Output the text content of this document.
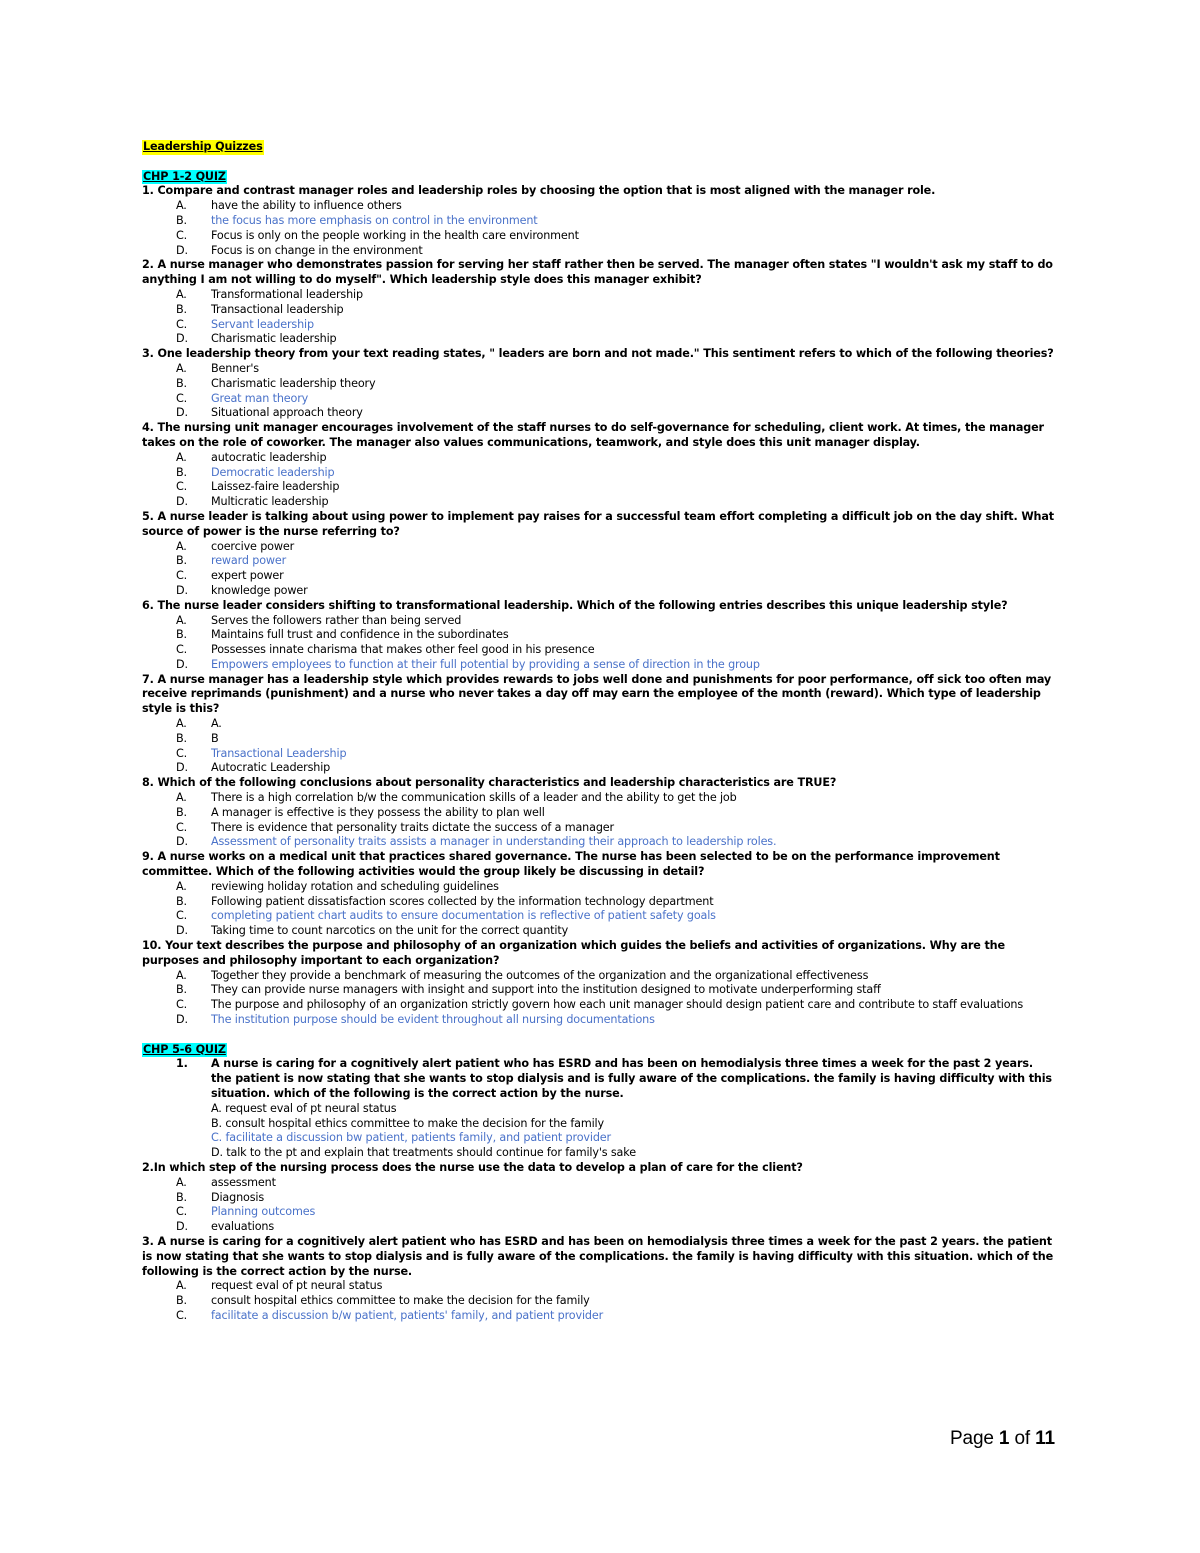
Leadership Quizzes
CHP 1-2 QUIZ
1. Compare and contrast manager roles and leadership roles by choosing the option that is most aligned with the manager role.
A. have the ability to influence others
B. the focus has more emphasis on control in the environment
C. Focus is only on the people working in the health care environment
D. Focus is on change in the environment
2. A nurse manager who demonstrates passion for serving her staff rather then be served. The manager often states "I wouldn't ask my staff to do anything I am not willing to do myself". Which leadership style does this manager exhibit?
A. Transformational leadership
B. Transactional leadership
C. Servant leadership
D. Charismatic leadership
3. One leadership theory from your text reading states, " leaders are born and not made." This sentiment refers to which of the following theories?
A. Benner's
B. Charismatic leadership theory
C. Great man theory
D. Situational approach theory
4. The nursing unit manager encourages involvement of the staff nurses to do self-governance for scheduling, client work. At times, the manager takes on the role of coworker. The manager also values communications, teamwork, and style does this unit manager display.
A. autocratic leadership
B. Democratic leadership
C. Laissez-faire leadership
D. Multicratic leadership
5. A nurse leader is talking about using power to implement pay raises for a successful team effort completing a difficult job on the day shift. What source of power is the nurse referring to?
A. coercive power
B. reward power
C. expert power
D. knowledge power
6. The nurse leader considers shifting to transformational leadership. Which of the following entries describes this unique leadership style?
A. Serves the followers rather than being served
B. Maintains full trust and confidence in the subordinates
C. Possesses innate charisma that makes other feel good in his presence
D. Empowers employees to function at their full potential by providing a sense of direction in the group
7. A nurse manager has a leadership style which provides rewards to jobs well done and punishments for poor performance, off sick too often may receive reprimands (punishment) and a nurse who never takes a day off may earn the employee of the month (reward). Which type of leadership style is this?
A. A.
B. B
C. Transactional Leadership
D. Autocratic Leadership
8. Which of the following conclusions about personality characteristics and leadership characteristics are TRUE?
A. There is a high correlation b/w the communication skills of a leader and the ability to get the job
B. A manager is effective is they possess the ability to plan well
C. There is evidence that personality traits dictate the success of a manager
D. Assessment of personality traits assists a manager in understanding their approach to leadership roles.
9. A nurse works on a medical unit that practices shared governance. The nurse has been selected to be on the performance improvement committee. Which of the following activities would the group likely be discussing in detail?
A. reviewing holiday rotation and scheduling guidelines
B. Following patient dissatisfaction scores collected by the information technology department
C. completing patient chart audits to ensure documentation is reflective of patient safety goals
D. Taking time to count narcotics on the unit for the correct quantity
10. Your text describes the purpose and philosophy of an organization which guides the beliefs and activities of organizations. Why are the purposes and philosophy important to each organization?
A. Together they provide a benchmark of measuring the outcomes of the organization and the organizational effectiveness
B. They can provide nurse managers with insight and support into the institution designed to motivate underperforming staff
C. The purpose and philosophy of an organization strictly govern how each unit manager should design patient care and contribute to staff evaluations
D. The institution purpose should be evident throughout all nursing documentations
CHP 5-6 QUIZ
1. A nurse is caring for a cognitively alert patient who has ESRD and has been on hemodialysis three times a week for the past 2 years. the patient is now stating that she wants to stop dialysis and is fully aware of the complications. the family is having difficulty with this situation. which of the following is the correct action by the nurse.
A. request eval of pt neural status
B. consult hospital ethics committee to make the decision for the family
C. facilitate a discussion bw patient, patients family, and patient provider
D. talk to the pt and explain that treatments should continue for family's sake
2.In which step of the nursing process does the nurse use the data to develop a plan of care for the client?
A. assessment
B. Diagnosis
C. Planning outcomes
D. evaluations
3. A nurse is caring for a cognitively alert patient who has ESRD and has been on hemodialysis three times a week for the past 2 years. the patient is now stating that she wants to stop dialysis and is fully aware of the complications. the family is having difficulty with this situation. which of the following is the correct action by the nurse.
A. request eval of pt neural status
B. consult hospital ethics committee to make the decision for the family
C. facilitate a discussion b/w patient, patients' family, and patient provider
Page 1 of 11
